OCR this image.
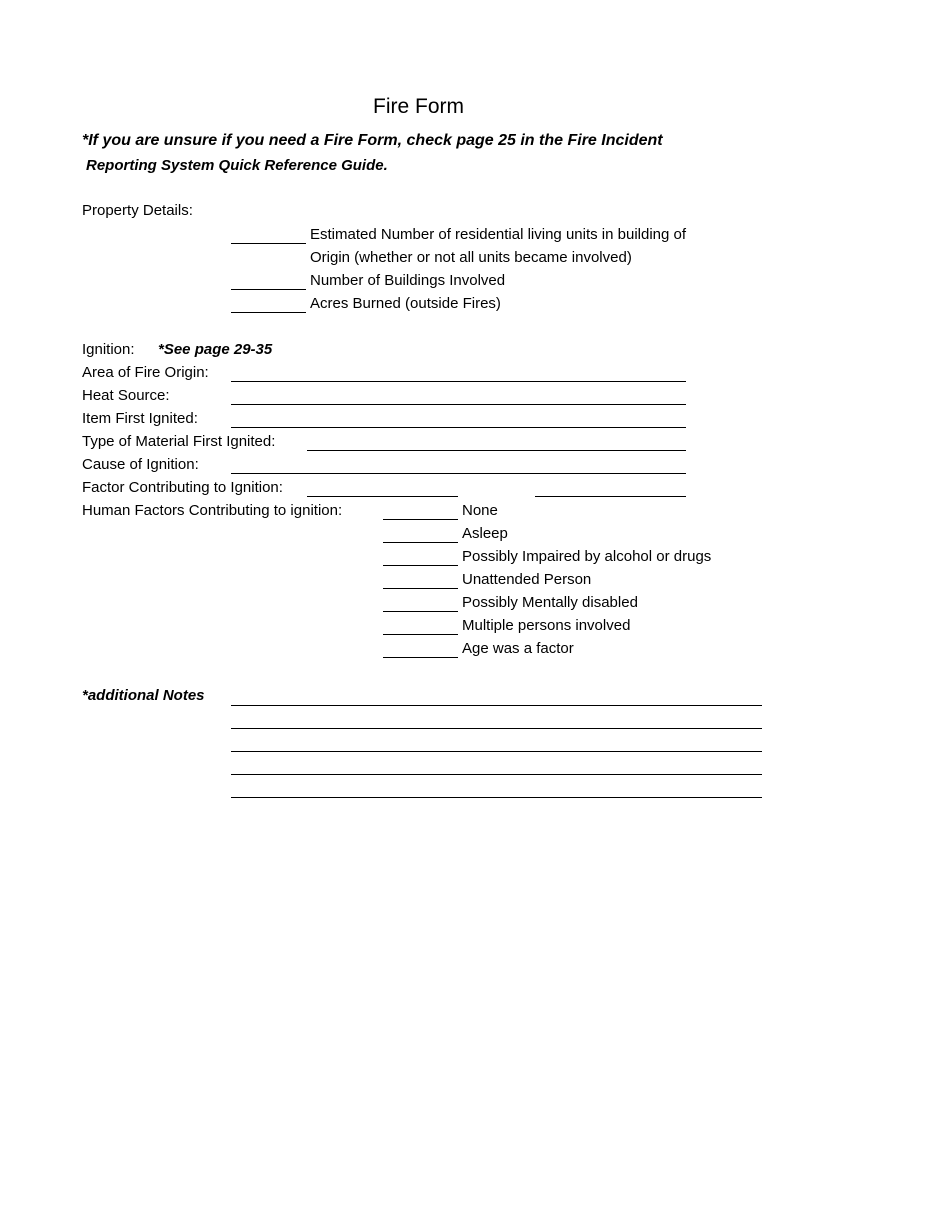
Fire Form
*If you are unsure if you need a Fire Form, check page 25 in the Fire Incident
Reporting System Quick Reference Guide.
Property Details:
Estimated Number of residential living units in building of
Origin (whether or not all units became involved)
Number of Buildings Involved
Acres Burned (outside Fires)
Ignition: *See page 29-35
Area of Fire Origin:
Heat Source:
Item First Ignited:
Type of Material First Ignited:
Cause of Ignition:
Factor Contributing to Ignition:
Human Factors Contributing to ignition:	None
Asleep
Possibly Impaired by alcohol or drugs
Unattended Person
Possibly Mentally disabled
Multiple persons involved
Age was a factor
*additional Notes
